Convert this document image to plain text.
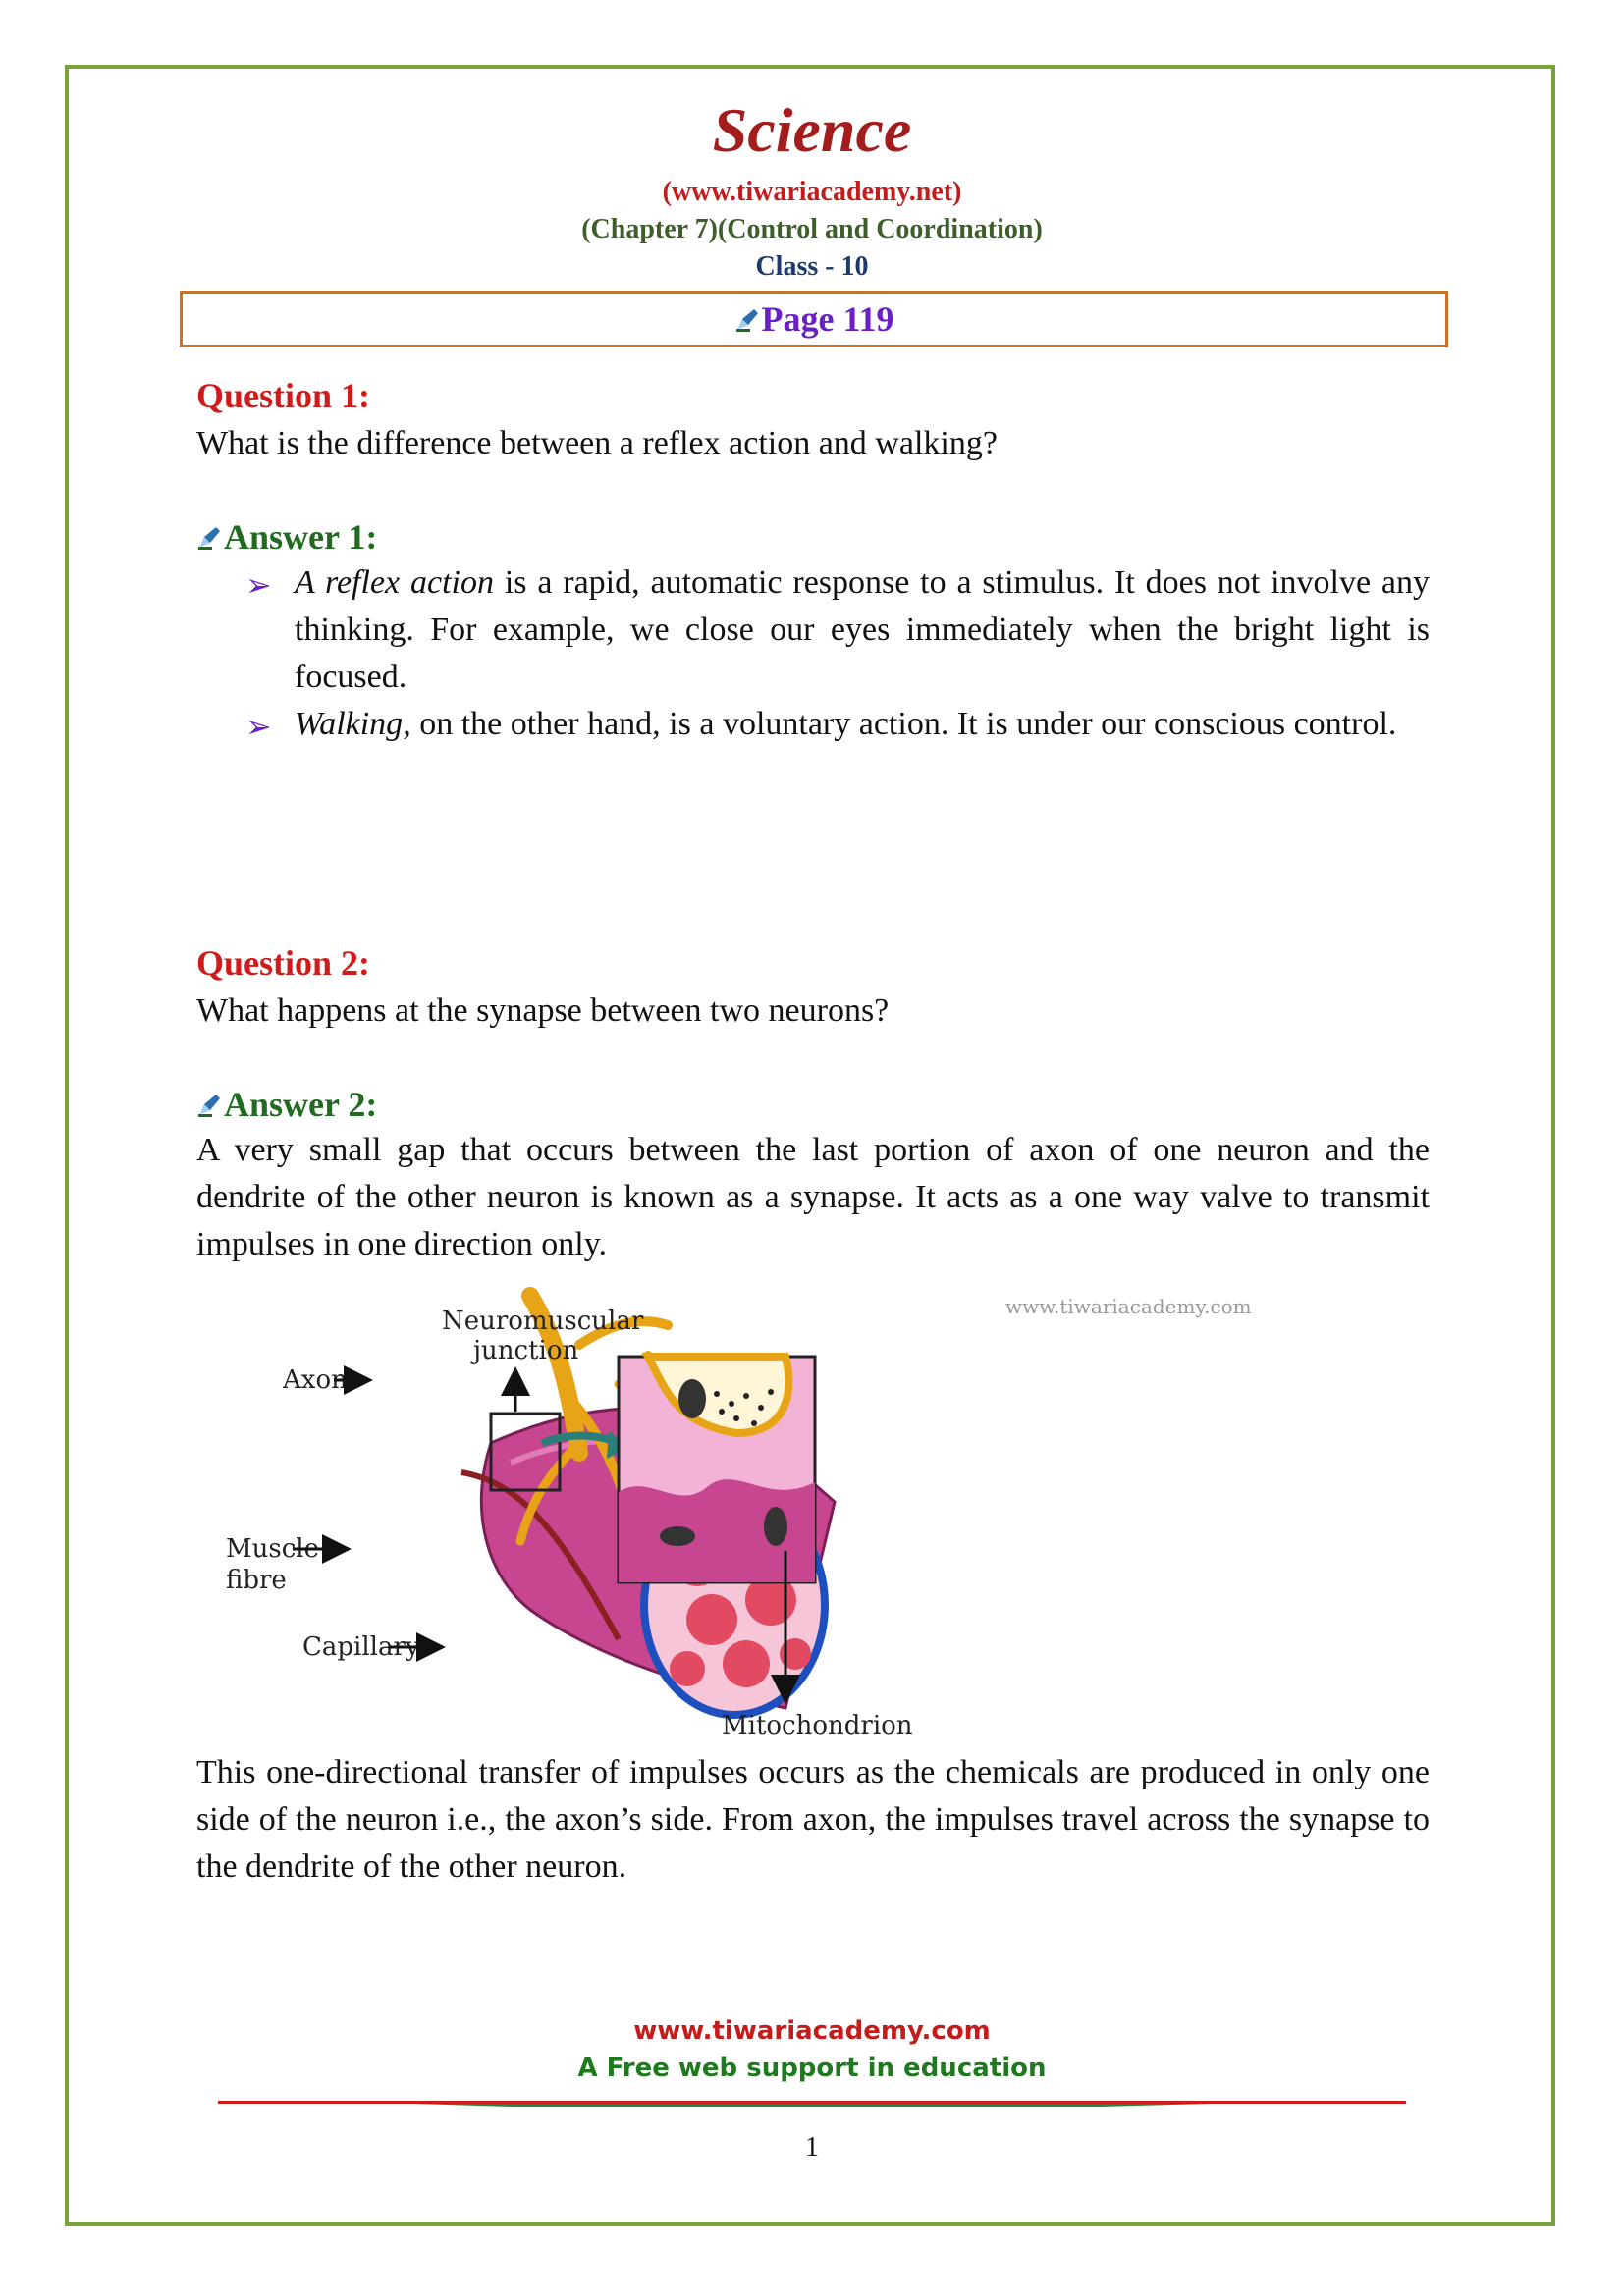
Science
(www.tiwariacademy.net)
(Chapter 7)(Control and Coordination)
Class - 10
Page 119
Question 1:
What is the difference between a reflex action and walking?
Answer 1:
➢ A reflex action is a rapid, automatic response to a stimulus. It does not involve any thinking. For example, we close our eyes immediately when the bright light is focused.
➢ Walking, on the other hand, is a voluntary action. It is under our conscious control.
Question 2:
What happens at the synapse between two neurons?
Answer 2:
A very small gap that occurs between the last portion of axon of one neuron and the dendrite of the other neuron is known as a synapse. It acts as a one way valve to transmit impulses in one direction only.
www.tiwariacademy.com
Neuromuscular
junction
Axon
Muscle
fibre
Capillary
Mitochondrion
This one-directional transfer of impulses occurs as the chemicals are produced in only one side of the neuron i.e., the axon’s side. From axon, the impulses travel across the synapse to the dendrite of the other neuron.
www.tiwariacademy.com
A Free web support in education
1
